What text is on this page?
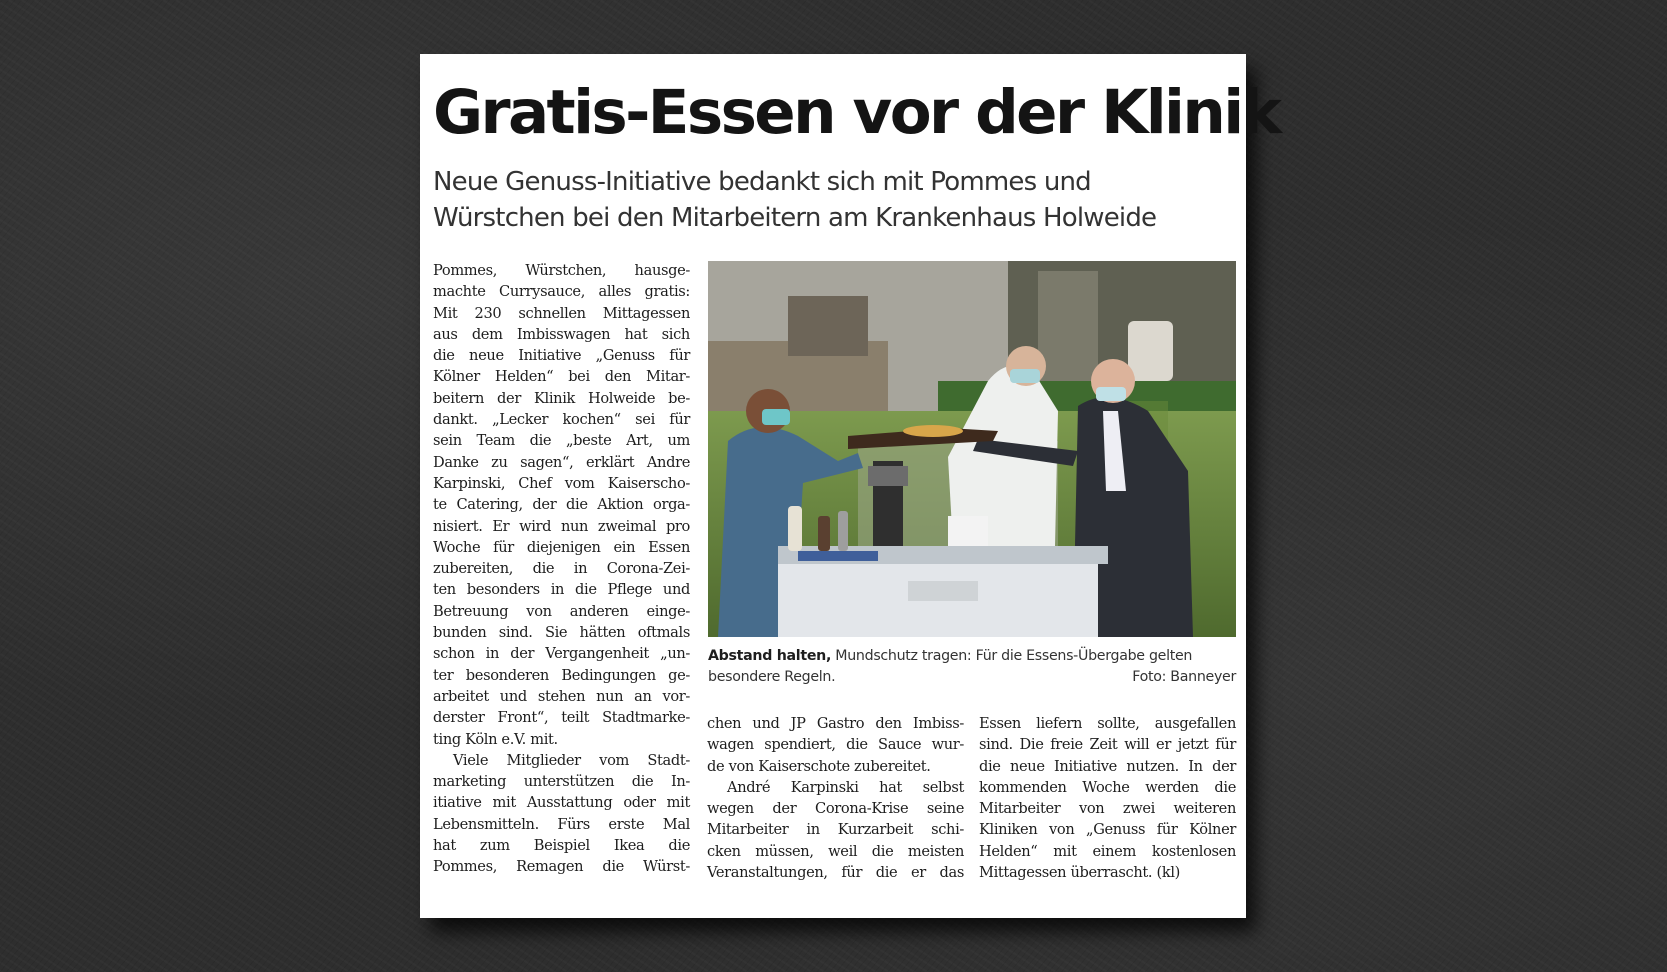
Gratis-Essen vor der Klinik
Neue Genuss-Initiative bedankt sich mit Pommes und
Würstchen bei den Mitarbeitern am Krankenhaus Holweide
Pommes, Würstchen, hausge-
machte Currysauce, alles gratis:
Mit 230 schnellen Mittagessen
aus dem Imbisswagen hat sich
die neue Initiative „Genuss für
Kölner Helden“ bei den Mitar-
beitern der Klinik Holweide be-
dankt. „Lecker kochen“ sei für
sein Team die „beste Art, um
Danke zu sagen“, erklärt Andre
Karpinski, Chef vom Kaiserscho-
te Catering, der die Aktion orga-
nisiert. Er wird nun zweimal pro
Woche für diejenigen ein Essen
zubereiten, die in Corona-Zei-
ten besonders in die Pflege und
Betreuung von anderen einge-
bunden sind. Sie hätten oftmals
schon in der Vergangenheit „un-
ter besonderen Bedingungen ge-
arbeitet und stehen nun an vor-
derster Front“, teilt Stadtmarke-
ting Köln e.V. mit.
Viele Mitglieder vom Stadt-
marketing unterstützen die In-
itiative mit Ausstattung oder mit
Lebensmitteln. Fürs erste Mal
hat zum Beispiel Ikea die
Pommes, Remagen die Würst-

Abstand halten, Mundschutz tragen: Für die Essens-Übergabe gelten
besondere Regeln.	Foto: Banneyer

chen und JP Gastro den Imbiss-
wagen spendiert, die Sauce wur-
de von Kaiserschote zubereitet.
André Karpinski hat selbst
wegen der Corona-Krise seine
Mitarbeiter in Kurzarbeit schi-
cken müssen, weil die meisten
Veranstaltungen, für die er das
Essen liefern sollte, ausgefallen
sind. Die freie Zeit will er jetzt für
die neue Initiative nutzen. In der
kommenden Woche werden die
Mitarbeiter von zwei weiteren
Kliniken von „Genuss für Kölner
Helden“ mit einem kostenlosen
Mittagessen überrascht. (kl)
